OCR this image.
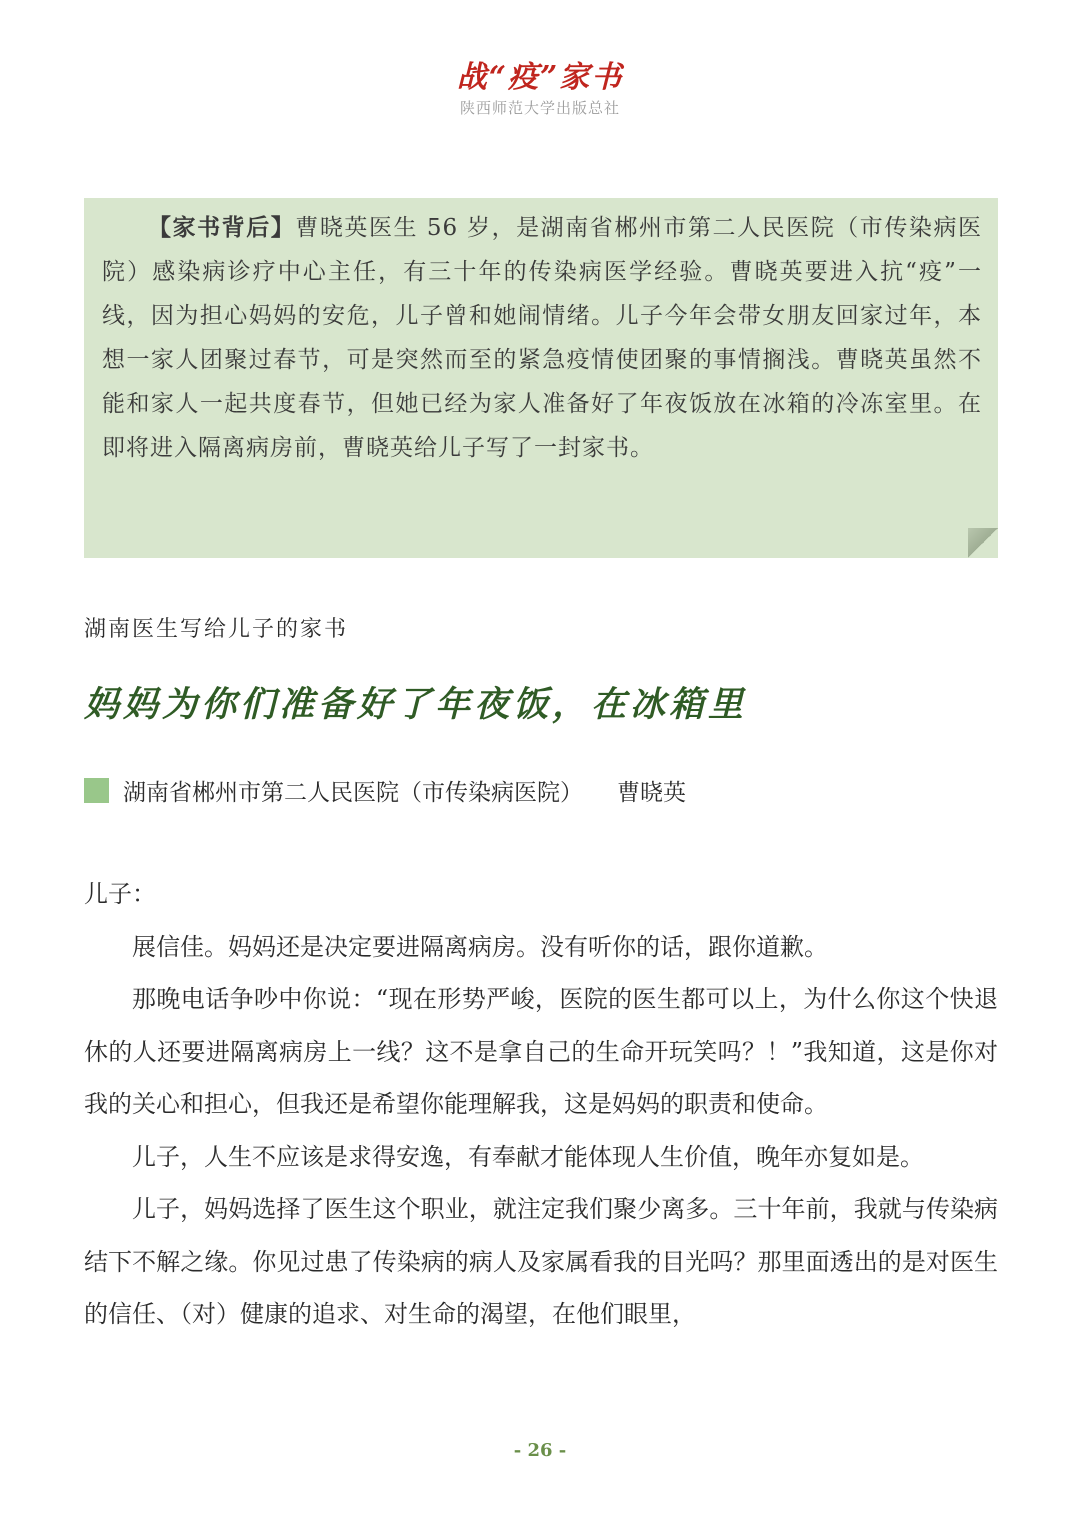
战“疫”家书
陕西师范大学出版总社

【家书背后】曹晓英医生 56 岁，是湖南省郴州市第二人民医院（市传染病医院）感染病诊疗中心主任，有三十年的传染病医学经验。曹晓英要进入抗“疫”一线，因为担心妈妈的安危，儿子曾和她闹情绪。儿子今年会带女朋友回家过年，本想一家人团聚过春节，可是突然而至的紧急疫情使团聚的事情搁浅。曹晓英虽然不能和家人一起共度春节，但她已经为家人准备好了年夜饭放在冰箱的冷冻室里。在即将进入隔离病房前，曹晓英给儿子写了一封家书。

湖南医生写给儿子的家书
妈妈为你们准备好了年夜饭，在冰箱里
湖南省郴州市第二人民医院（市传染病医院） 曹晓英

儿子：

展信佳。妈妈还是决定要进隔离病房。没有听你的话，跟你道歉。

那晚电话争吵中你说：“现在形势严峻，医院的医生都可以上，为什么你这个快退休的人还要进隔离病房上一线？这不是拿自己的生命开玩笑吗？！”我知道，这是你对我的关心和担心，但我还是希望你能理解我，这是妈妈的职责和使命。

儿子，人生不应该是求得安逸，有奉献才能体现人生价值，晚年亦复如是。

儿子，妈妈选择了医生这个职业，就注定我们聚少离多。三十年前，我就与传染病结下不解之缘。你见过患了传染病的病人及家属看我的目光吗？那里面透出的是对医生的信任、（对）健康的追求、对生命的渴望，在他们眼里，

- 26 -
